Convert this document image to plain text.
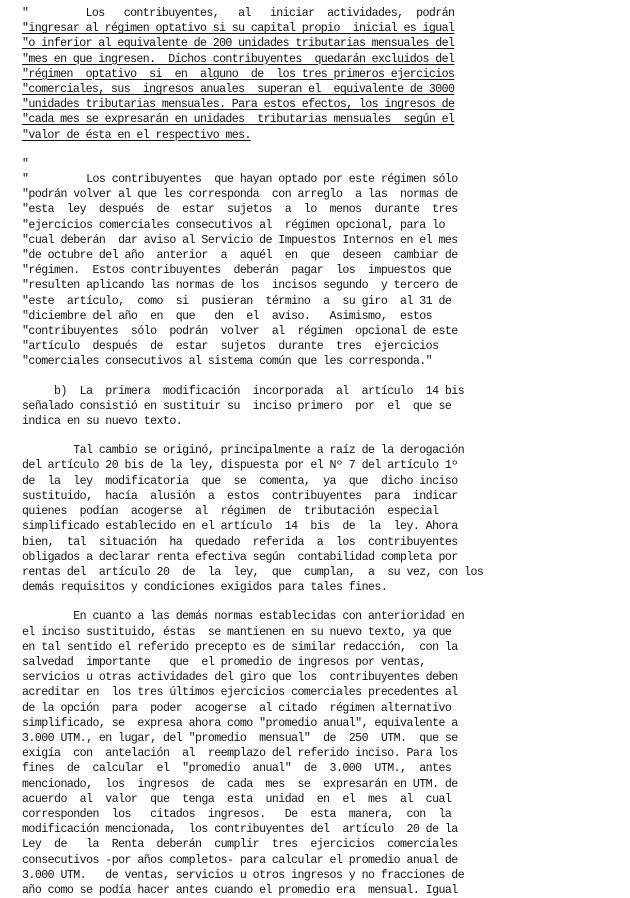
"         Los   contribuyentes,   al   iniciar  actividades,  podrán
"ingresar al régimen optativo si su capital propio  inicial es igual
"o inferior al equivalente de 200 unidades tributarias mensuales del
"mes en que ingresen.  Dichos contribuyentes  quedarán excluidos del
"régimen  optativo  si  en  alguno  de  los tres primeros ejercicios
"comerciales, sus  ingresos anuales  superan el  equivalente de 3000
"unidades tributarias mensuales. Para estos efectos, los ingresos de
"cada mes se expresarán en unidades  tributarias mensuales  según el
"valor de ésta en el respectivo mes.
"
"         Los contribuyentes  que hayan optado por este régimen sólo
"podrán volver al que les corresponda  con arreglo  a las  normas de
"esta  ley  después  de  estar  sujetos  a  lo  menos  durante  tres
"ejercicios comerciales consecutivos al  régimen opcional, para lo
"cual deberán  dar aviso al Servicio de Impuestos Internos en el mes
"de octubre del año  anterior  a  aquél  en  que  deseen  cambiar de
"régimen.  Estos contribuyentes  deberán  pagar  los  impuestos que
"resulten aplicando las normas de los  incisos segundo  y tercero de
"este  artículo,  como  si  pusieran  término  a  su giro  al 31 de
"diciembre del año  en  que   den  el  aviso.   Asimismo,  estos
"contribuyentes  sólo  podrán  volver  al  régimen  opcional de este
"artículo  después  de  estar  sujetos  durante  tres  ejercicios
"comerciales consecutivos al sistema común que les corresponda."
b)  La  primera  modificación  incorporada  al  artículo  14 bis
señalado consistió en sustituir su  inciso primero  por  el  que se
indica en su nuevo texto.
Tal cambio se originó, principalmente a raíz de la derogación
del artículo 20 bis de la ley, dispuesta por el Nº 7 del artículo 1º
de  la  ley  modificatoria  que  se  comenta,  ya  que  dicho inciso
sustituido,  hacía  alusión  a  estos  contribuyentes  para  indicar
quienes  podían  acogerse  al  régimen  de  tributación  especial
simplificado establecido en el artículo  14  bis  de  la  ley. Ahora
bien,  tal  situación  ha  quedado  referida  a  los  contribuyentes
obligados a declarar renta efectiva según  contabilidad completa por
rentas del  artículo 20  de  la  ley,  que  cumplan,  a  su vez, con los
demás requisitos y condiciones exigidos para tales fines.
En cuanto a las demás normas establecidas con anterioridad en
el inciso sustituido, éstas  se mantienen en su nuevo texto, ya que
en tal sentido el referido precepto es de similar redacción,  con la
salvedad  importante   que  el promedio de ingresos por ventas,
servicios u otras actividades del giro que los  contribuyentes deben
acreditar en  los tres últimos ejercicios comerciales precedentes al
de la opción  para  poder  acogerse  al citado  régimen alternativo
simplificado, se  expresa ahora como "promedio anual", equivalente a
3.000 UTM., en lugar, del "promedio  mensual"  de  250  UTM.  que se
exigía  con  antelación  al  reemplazo del referido inciso. Para los
fines  de  calcular  el  "promedio  anual"  de  3.000  UTM.,  antes
mencionado,  los  ingresos  de  cada  mes  se  expresarán en UTM. de
acuerdo  al  valor  que  tenga  esta  unidad  en  el  mes  al  cual
corresponden  los   citados  ingresos.   De  esta  manera,  con  la
modificación mencionada,  los contribuyentes del  artículo  20 de la
Ley  de   la  Renta  deberán  cumplir  tres  ejercicios  comerciales
consecutivos -por años completos- para calcular el promedio anual de
3.000 UTM.   de ventas, servicios u otros ingresos y no fracciones de
año como se podía hacer antes cuando el promedio era  mensual. Igual
